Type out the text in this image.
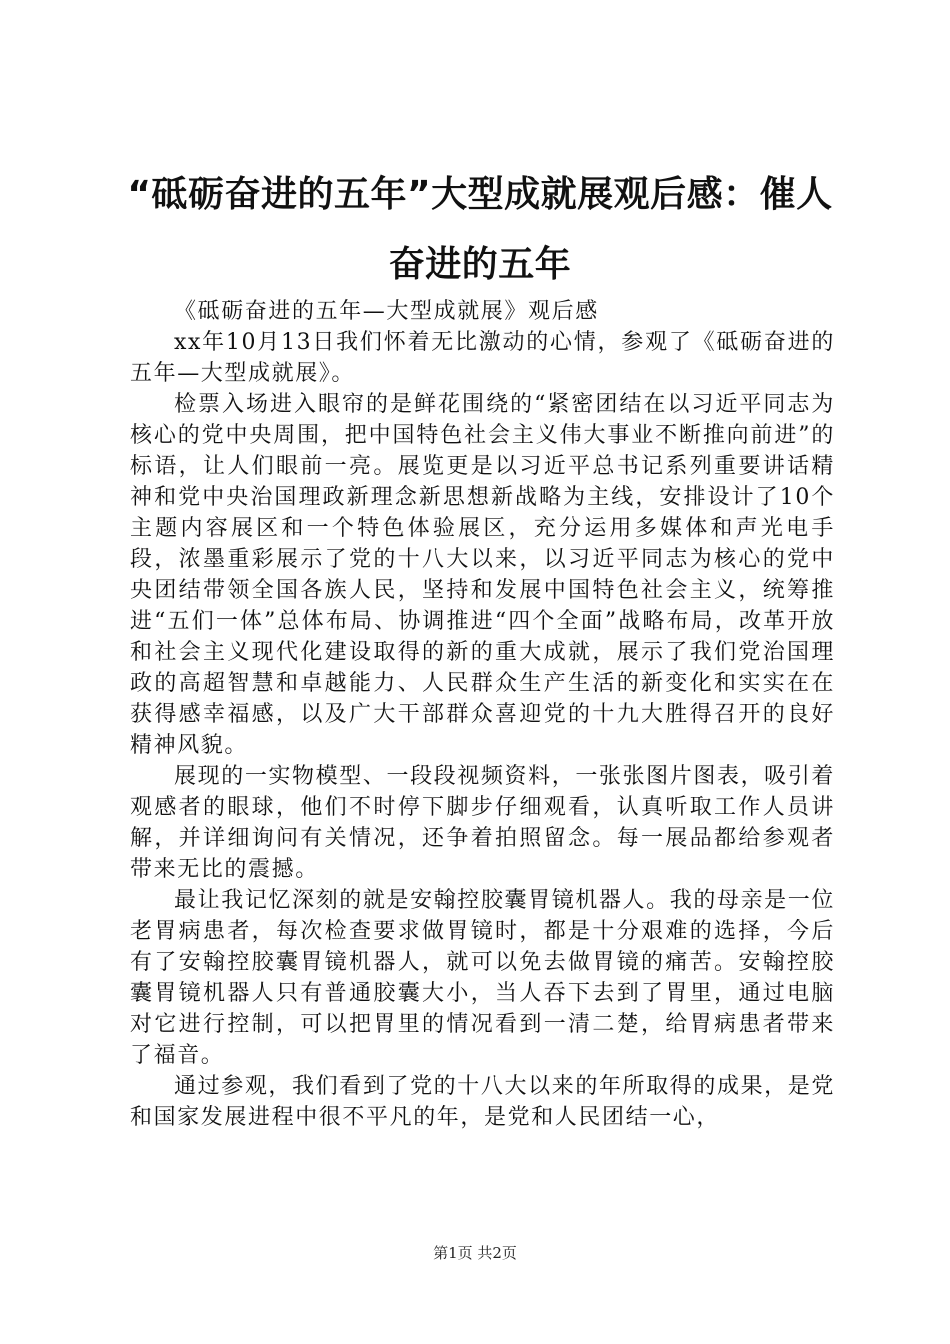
“砥砺奋进的五年”大型成就展观后感：催人奋进的五年

《砥砺奋进的五年—大型成就展》观后感

xx年10月13日我们怀着无比激动的心情，参观了《砥砺奋进的五年—大型成就展》。

检票入场进入眼帘的是鲜花围绕的“紧密团结在以习近平同志为核心的党中央周围，把中国特色社会主义伟大事业不断推向前进”的标语，让人们眼前一亮。展览更是以习近平总书记系列重要讲话精神和党中央治国理政新理念新思想新战略为主线，安排设计了10个主题内容展区和一个特色体验展区，充分运用多媒体和声光电手段，浓墨重彩展示了党的十八大以来，以习近平同志为核心的党中央团结带领全国各族人民，坚持和发展中国特色社会主义，统筹推进“五们一体”总体布局、协调推进“四个全面”战略布局，改革开放和社会主义现代化建设取得的新的重大成就，展示了我们党治国理政的高超智慧和卓越能力、人民群众生产生活的新变化和实实在在获得感幸福感，以及广大干部群众喜迎党的十九大胜得召开的良好精神风貌。

展现的一实物模型、一段段视频资料，一张张图片图表，吸引着观感者的眼球，他们不时停下脚步仔细观看，认真听取工作人员讲解，并详细询问有关情况，还争着拍照留念。每一展品都给参观者带来无比的震撼。

最让我记忆深刻的就是安翰控胶囊胃镜机器人。我的母亲是一位老胃病患者，每次检查要求做胃镜时，都是十分艰难的选择，今后有了安翰控胶囊胃镜机器人，就可以免去做胃镜的痛苦。安翰控胶囊胃镜机器人只有普通胶囊大小，当人吞下去到了胃里，通过电脑对它进行控制，可以把胃里的情况看到一清二楚，给胃病患者带来了福音。

通过参观，我们看到了党的十八大以来的年所取得的成果，是党和国家发展进程中很不平凡的年，是党和人民团结一心，

第1页 共2页
